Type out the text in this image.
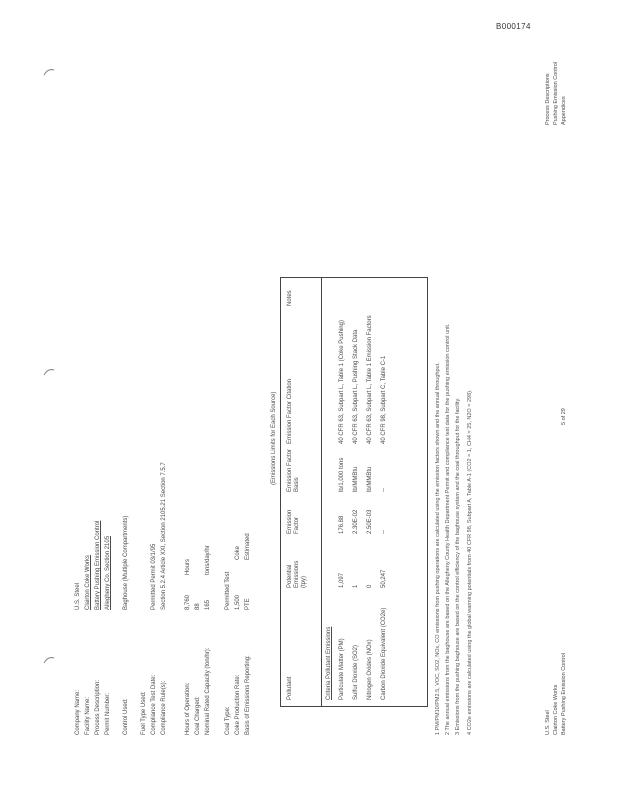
B000174
Company Name:
U.S. Steel
Facility Name:
Clairton Coke Works
Process Description:
Battery Pushing Emission Control
Permit Number:
Allegheny Co. Section 2105
Control Used:
Baghouse (Multiple Compartments)
Fuel Type Used: Compliance Test Date:
Permitted Permit 03/1/95
Compliance Rule(s):
Section 5.2.4 Article XXI, Section 2105.21 Section 7.5.7
Hours of Operation:
8,760
Hours
Coal Charged:
88
Nominal Rated Capacity (ton/hr):
165
tons/day/hr
Coal Type:
Permitted Test
Coke Production Rate:
1,500
Coke
Basis of Emissions Reporting:
PTE
Estimated
(Emissions Limits for Each Source)
Pollutant
Potential Emissions (tpy)
Emission Factor
Emission Factor Basis
Emission Factor Citation
Notes
Criteria Pollutant Emissions Particulate Matter (PM)
1,097
176.88
lb/1,000 tons
40 CFR 63, Subpart L, Table 1 (Coke Pushing)
Sulfur Dioxide (SO2)
1
2.30E-02
lb/MMBtu
40 CFR 63, Subpart L, Pushing Stack Data
Nitrogen Oxides (NOx)
0
2.50E-03
lb/MMBtu
40 CFR 63, Subpart L, Table 1 Emission Factors
Carbon Dioxide Equivalent (CO2e)
50,247
--
--
40 CFR 98, Subpart C, Table C-1	1 PM/PM10/PM2.5, VOC, SO2, NOx, CO emissions from pushing operations are calculated using the emission factors shown and the annual throughput. 2 The annual emissions from the baghouse are based on the Allegheny County Health Department Permit and compliance test data for the pushing emission control unit. 3 Emissions from the pushing baghouse are based on the control efficiency of the baghouse system and the coal throughput for the facility. 4 CO2e emissions are calculated using the global warming potentials from 40 CFR 98, Subpart A, Table A-1 (CO2 = 1, CH4 = 25, N2O = 298).	U.S. Steel Clairton Coke Works Battery Pushing Emission Control
5 of 29
Process Descriptions Pushing Emission Control Appendices
